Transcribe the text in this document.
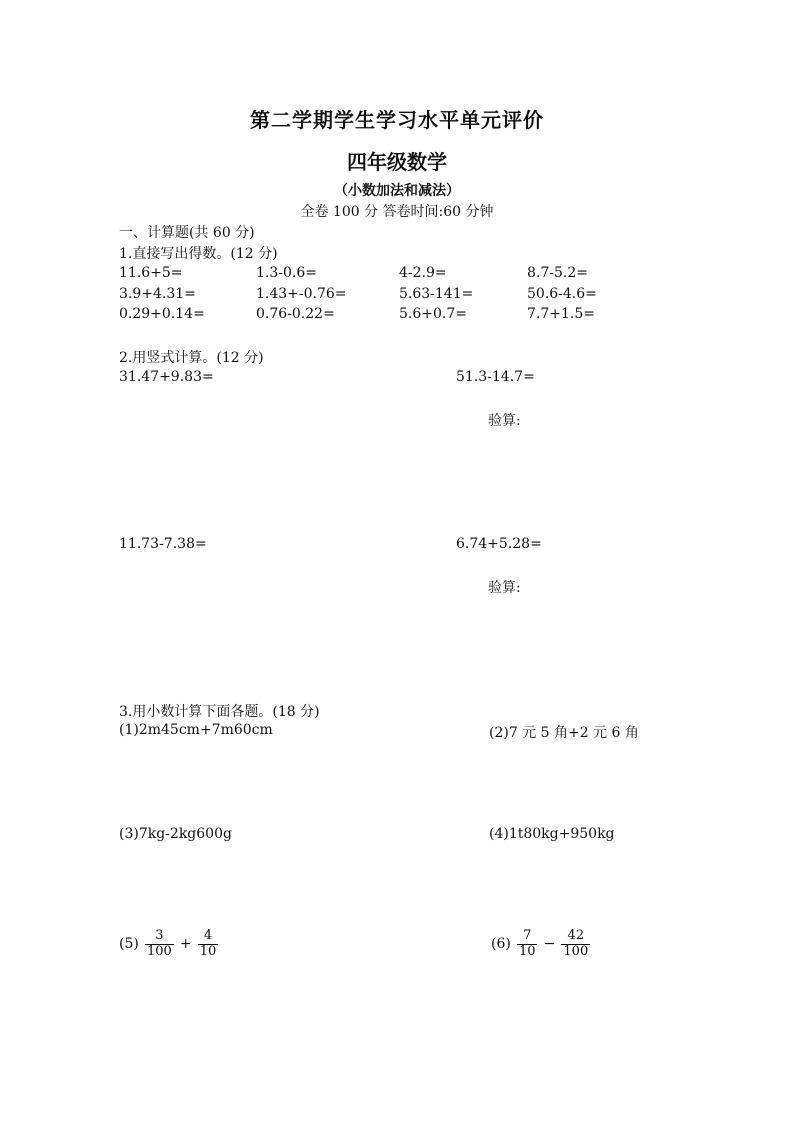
第二学期学生学习水平单元评价
四年级数学
（小数加法和减法）
全卷 100 分 答卷时间:60 分钟
一、计算题(共 60 分)
1.直接写出得数。(12 分)
11.6+5=	1.3-0.6=	4-2.9=	8.7-5.2=
3.9+4.31=	1.43+-0.76=	5.63-141=	50.6-4.6=
0.29+0.14=	0.76-0.22=	5.6+0.7=	7.7+1.5=
2.用竖式计算。(12 分)
31.47+9.83=	51.3-14.7=
验算:
11.73-7.38=	6.74+5.28=
验算:
3.用小数计算下面各题。(18 分)
(1)2m45cm+7m60cm	(2)7 元 5 角+2 元 6 角
(3)7kg-2kg600g	(4)1t80kg+950kg
$(5) \frac{3}{100} + \frac{4}{10}$	$(6) \frac{7}{10} - \frac{42}{100}$
